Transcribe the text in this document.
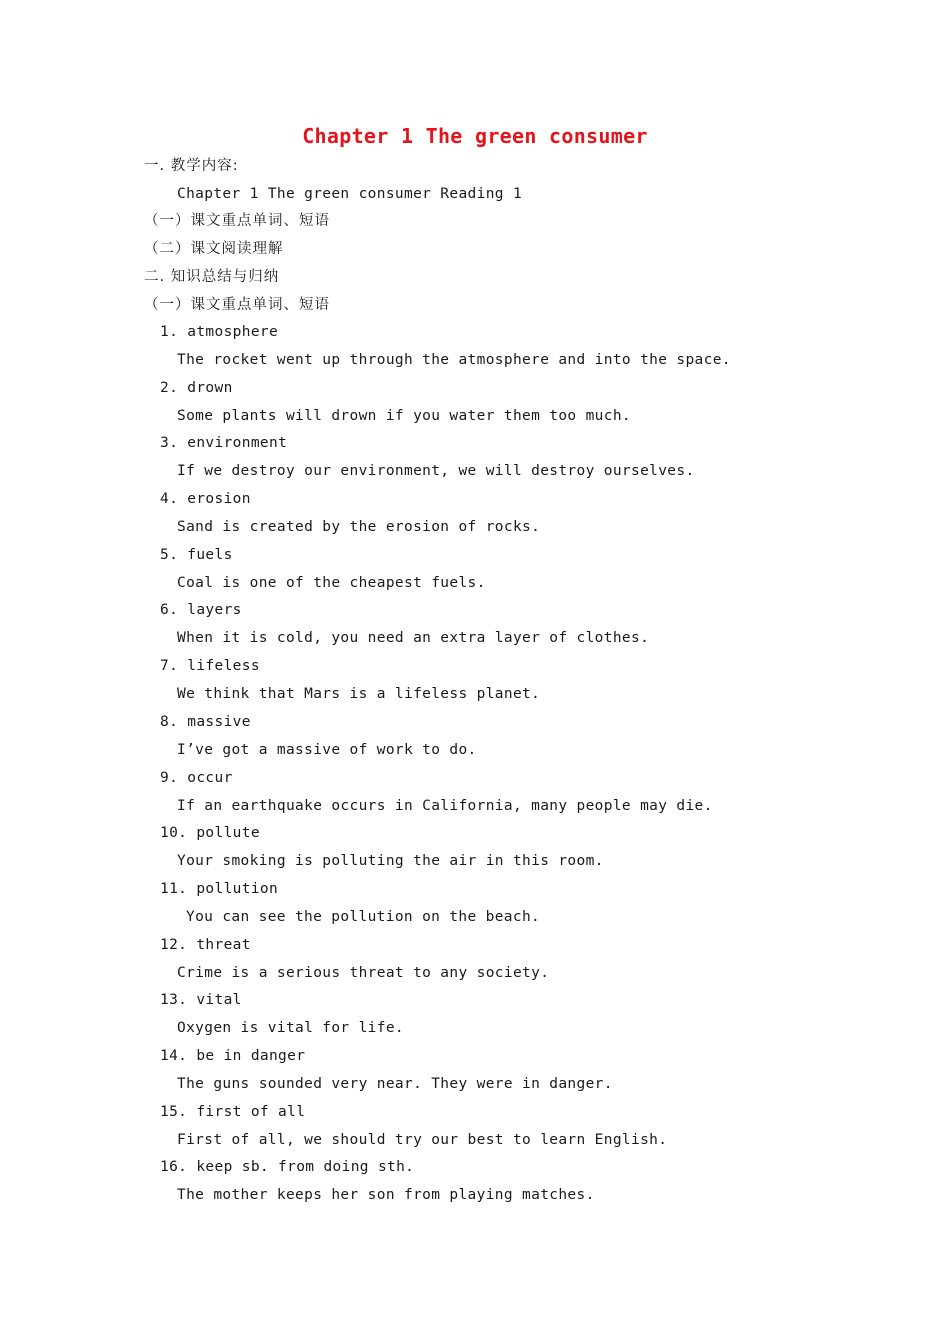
Chapter 1 The green consumer
一. 教学内容:
Chapter 1 The green consumer Reading 1
（一）课文重点单词、短语
（二）课文阅读理解
二. 知识总结与归纳
（一）课文重点单词、短语
1. atmosphere
The rocket went up through the atmosphere and into the space.
2. drown
Some plants will drown if you water them too much.
3. environment
If we destroy our environment, we will destroy ourselves.
4. erosion
Sand is created by the erosion of rocks.
5. fuels
Coal is one of the cheapest fuels.
6. layers
When it is cold, you need an extra layer of clothes.
7. lifeless
We think that Mars is a lifeless planet.
8. massive
I’ve got a massive of work to do.
9. occur
If an earthquake occurs in California, many people may die.
10. pollute
Your smoking is polluting the air in this room.
11. pollution
You can see the pollution on the beach.
12. threat
Crime is a serious threat to any society.
13. vital
Oxygen is vital for life.
14. be in danger
The guns sounded very near. They were in danger.
15. first of all
First of all, we should try our best to learn English.
16. keep sb. from doing sth.
The mother keeps her son from playing matches.
